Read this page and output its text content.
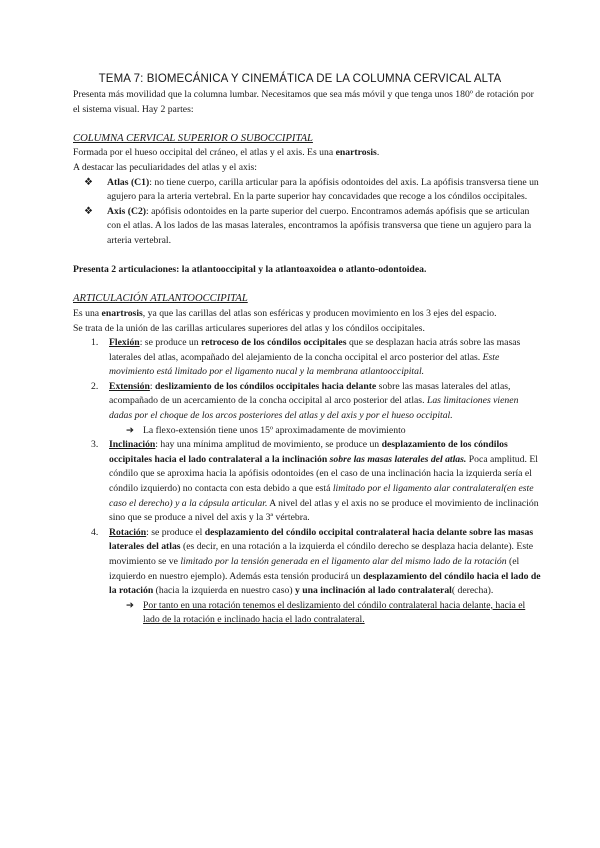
TEMA 7: BIOMECÁNICA Y CINEMÁTICA DE LA COLUMNA CERVICAL ALTA

Presenta más movilidad que la columna lumbar. Necesitamos que sea más móvil y que tenga unos 180º de rotación por el sistema visual. Hay 2 partes:

COLUMNA CERVICAL SUPERIOR O SUBOCCIPITAL

Formada por el hueso occipital del cráneo, el atlas y el axis. Es una enartrosis.

A destacar las peculiaridades del atlas y el axis:

❖ Atlas (C1): no tiene cuerpo, carilla articular para la apófisis odontoides del axis. La apófisis transversa tiene un agujero para la arteria vertebral. En la parte superior hay concavidades que recoge a los cóndilos occipitales.
❖ Axis (C2): apófisis odontoides en la parte superior del cuerpo. Encontramos además apófisis que se articulan con el atlas. A los lados de las masas laterales, encontramos la apófisis transversa que tiene un agujero para la arteria vertebral.

Presenta 2 articulaciones: la atlantooccipital y la atlantoaxoidea o atlanto-odontoidea.

ARTICULACIÓN ATLANTOOCCIPITAL

Es una enartrosis, ya que las carillas del atlas son esféricas y producen movimiento en los 3 ejes del espacio.

Se trata de la unión de las carillas articulares superiores del atlas y los cóndilos occipitales.

1. Flexión: se produce un retroceso de los cóndilos occipitales que se desplazan hacia atrás sobre las masas laterales del atlas, acompañado del alejamiento de la concha occipital el arco posterior del atlas. Este movimiento está limitado por el ligamento nucal y la membrana atlantooccipital.
2. Extensión: deslizamiento de los cóndilos occipitales hacia delante sobre las masas laterales del atlas, acompañado de un acercamiento de la concha occipital al arco posterior del atlas. Las limitaciones vienen dadas por el choque de los arcos posteriores del atlas y del axis y por el hueso occipital.
➔ La flexo-extensión tiene unos 15º aproximadamente de movimiento
3. Inclinación: hay una mínima amplitud de movimiento, se produce un desplazamiento de los cóndilos occipitales hacia el lado contralateral a la inclinación sobre las masas laterales del atlas. Poca amplitud. El cóndilo que se aproxima hacia la apófisis odontoides (en el caso de una inclinación hacia la izquierda sería el cóndilo izquierdo) no contacta con esta debido a que está limitado por el ligamento alar contralateral(en este caso el derecho) y a la cápsula articular. A nivel del atlas y el axis no se produce el movimiento de inclinación sino que se produce a nivel del axis y la 3ª vértebra.
4. Rotación: se produce el desplazamiento del cóndilo occipital contralateral hacia delante sobre las masas laterales del atlas (es decir, en una rotación a la izquierda el cóndilo derecho se desplaza hacia delante). Este movimiento se ve limitado por la tensión generada en el ligamento alar del mismo lado de la rotación (el izquierdo en nuestro ejemplo). Además esta tensión producirá un desplazamiento del cóndilo hacia el lado de la rotación (hacia la izquierda en nuestro caso) y una inclinación al lado contralateral( derecha).
➔ Por tanto en una rotación tenemos el deslizamiento del cóndilo contralateral hacia delante, hacia el lado de la rotación e inclinado hacia el lado contralateral.
